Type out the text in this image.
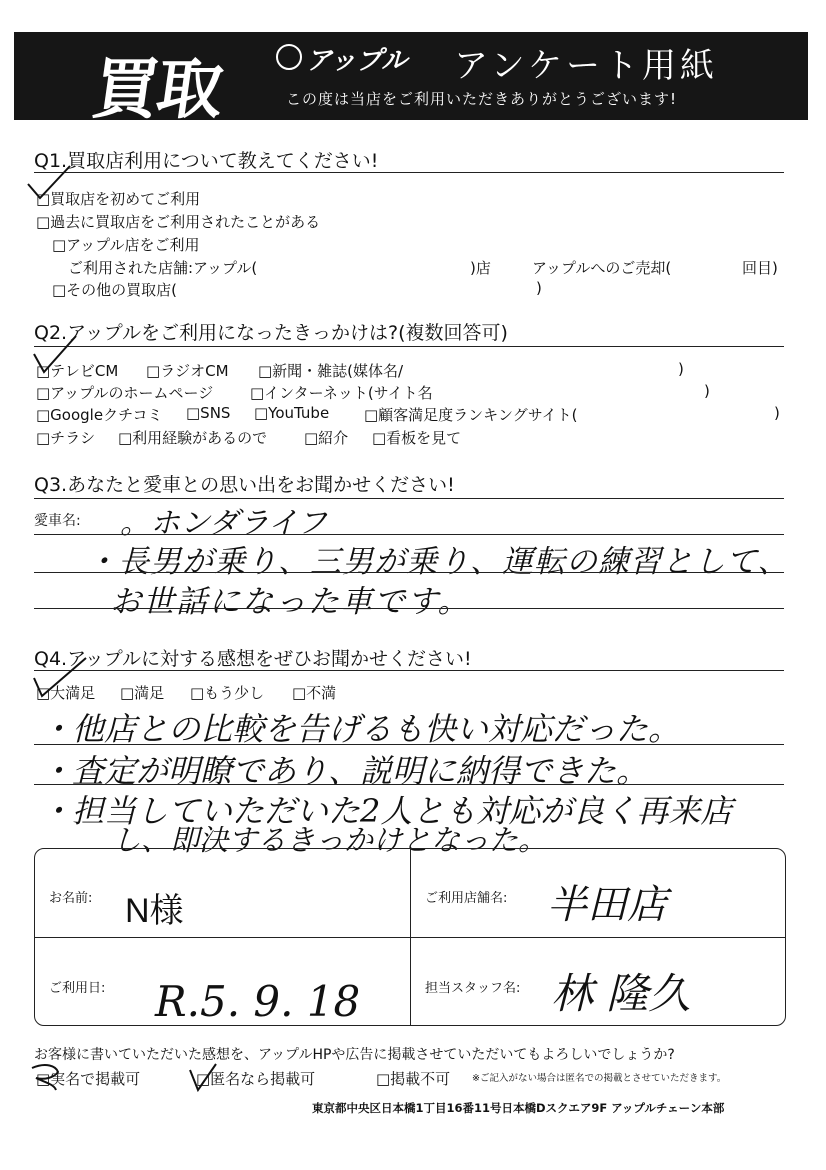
買取	アップル アンケート用紙
この度は当店をご利用いただきありがとうございます!
Q1.買取店利用について教えてください!
□買取店を初めてご利用
□過去に買取店をご利用されたことがある
□アップル店をご利用
ご利用された店舗:アップル(	)店	アップルへのご売却(	回目)
□その他の買取店(	)
Q2.アップルをご利用になったきっかけは?(複数回答可)
□テレビCM □ラジオCM □新聞・雑誌(媒体名/	)
□アップルのホームページ □インターネット(サイト名	)
□Googleクチコミ □SNS □YouTube □顧客満足度ランキングサイト(	)
□チラシ □利用経験があるので □紹介 □看板を見て
Q3.あなたと愛車との思い出をお聞かせください!
愛車名: 。ホンダライフ
・長男が乗り、三男が乗り、運転の練習として、
お世話になった車です。
Q4.アップルに対する感想をぜひお聞かせください!
□大満足 □満足 □もう少し □不満
・他店との比較を告げるも快い対応だった。
・査定が明瞭であり、説明に納得できた。
・担当していただいた2人とも対応が良く再来店
し、即決するきっかけとなった。
お名前: N様	ご利用店舗名: 半田店
ご利用日: R.5. 9. 18	担当スタッフ名: 林 隆久
お客様に書いていただいた感想を、アップルHPや広告に掲載させていただいてもよろしいでしょうか?
□実名で掲載可	□匿名なら掲載可	□掲載不可 ※ご記入がない場合は匿名での掲載とさせていただきます。
東京都中央区日本橋1丁目16番11号日本橋Dスクエア9F アップルチェーン本部
